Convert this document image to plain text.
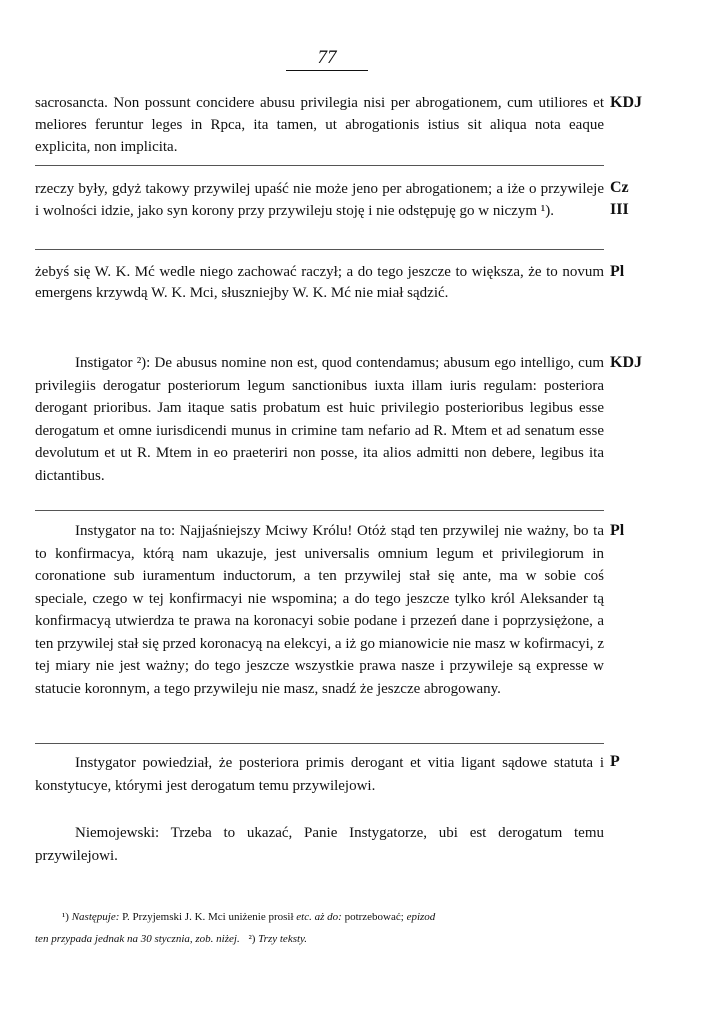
77

sacrosancta. Non possunt concidere abusu privilegia nisi per abrogationem, cum utiliores et meliores feruntur leges in Rpca, ita tamen, ut abrogationis istius sit aliqua nota eaque explicita, non implicita.

KDJ

rzeczy były, gdyż takowy przywilej upaść nie może jeno per abrogationem; a iże o przywileje i wolności idzie, jako syn korony przy przywileju stoję i nie odstępuję go w niczym ¹).

Cz
III

żebyś się W. K. Mć wedle niego zachować raczył; a do tego jeszcze to większa, że to novum emergens krzywdą W. K. Mci, słuszniejby W. K. Mć nie miał sądzić.

Pl

Instigator ²): De abusus nomine non est, quod contendamus; abusum ego intelligo, cum privilegiis derogatur posteriorum legum sanctionibus iuxta illam iuris regulam: posteriora derogant prioribus. Jam itaque satis probatum est huic privilegio posterioribus legibus esse derogatum et omne iurisdicendi munus in crimine tam nefario ad R. Mtem et ad senatum esse devolutum et ut R. Mtem in eo praeteriri non posse, ita alios admitti non debere, legibus ita dictantibus.

KDJ

Instygator na to: Najjaśniejszy Mciwy Królu! Otóż stąd ten przywilej nie ważny, bo ta to konfirmacya, którą nam ukazuje, jest universalis omnium legum et privilegiorum in coronatione sub iuramentum inductorum, a ten przywilej stał się ante, ma w sobie coś speciale, czego w tej konfirmacyi nie wspomina; a do tego jeszcze tylko król Aleksander tą konfirmacyą utwierdza te prawa na koronacyi sobie podane i przezeń dane i poprzysiężone, a ten przywilej stał się przed koronacyą na elekcyi, a iż go mianowicie nie masz w kofirmacyi, z tej miary nie jest ważny; do tego jeszcze wszystkie prawa nasze i przywileje są expresse w statucie koronnym, a tego przywileju nie masz, snadź że jeszcze abrogowany.

Pl

Instygator powiedział, że posteriora primis derogant et vitia ligant sądowe statuta i konstytucye, którymi jest derogatum temu przywilejowi.

P

Niemojewski: Trzeba to ukazać, Panie Instygatorze, ubi est derogatum temu przywilejowi.

¹) Następuje: P. Przyjemski J. K. Mci uniżenie prosił etc. aż do: potrzebować; epizod
ten przypada jednak na 30 stycznia, zob. niżej. ²) Trzy teksty.
